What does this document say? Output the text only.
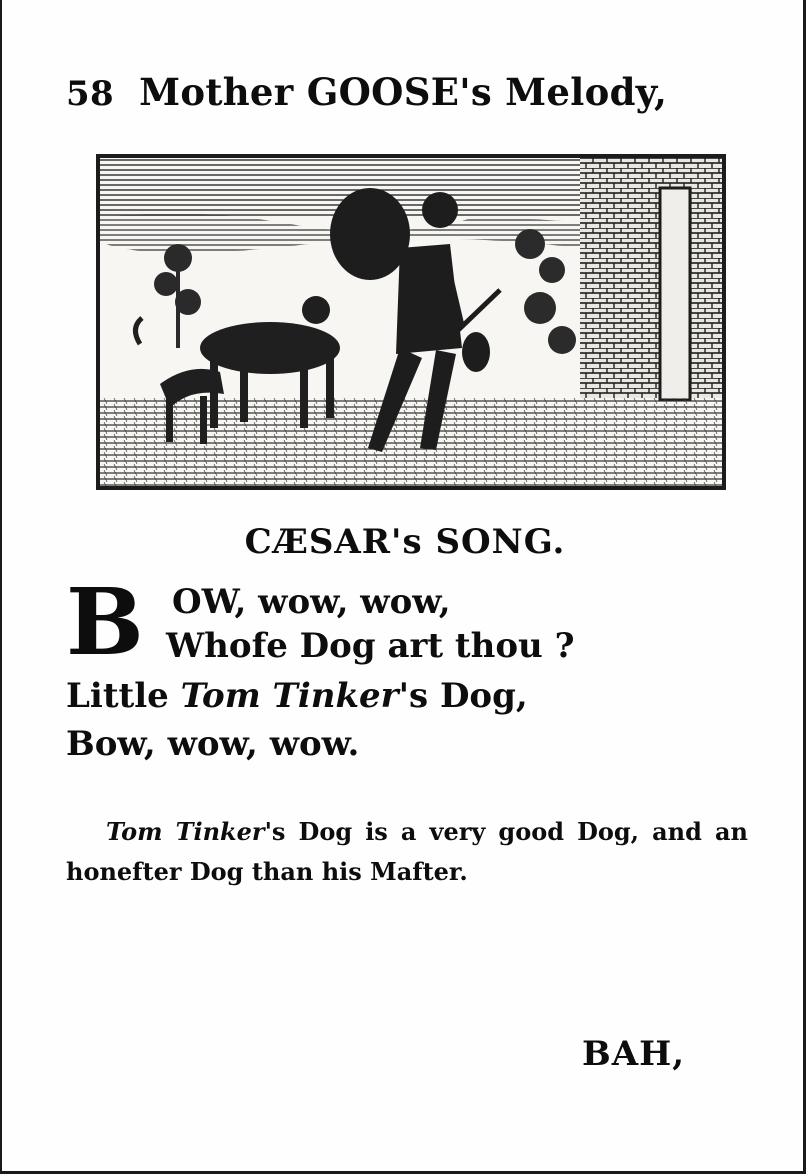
58 Mother GOOSE's Melody,
CÆSAR's SONG.
B OW, wow, wow,
Whofe Dog art thou ?
Little Tom Tinker's Dog,
Bow, wow, wow.
Tom Tinker's Dog is a very good Dog, and an honefter Dog than his Mafter.
BAH,
